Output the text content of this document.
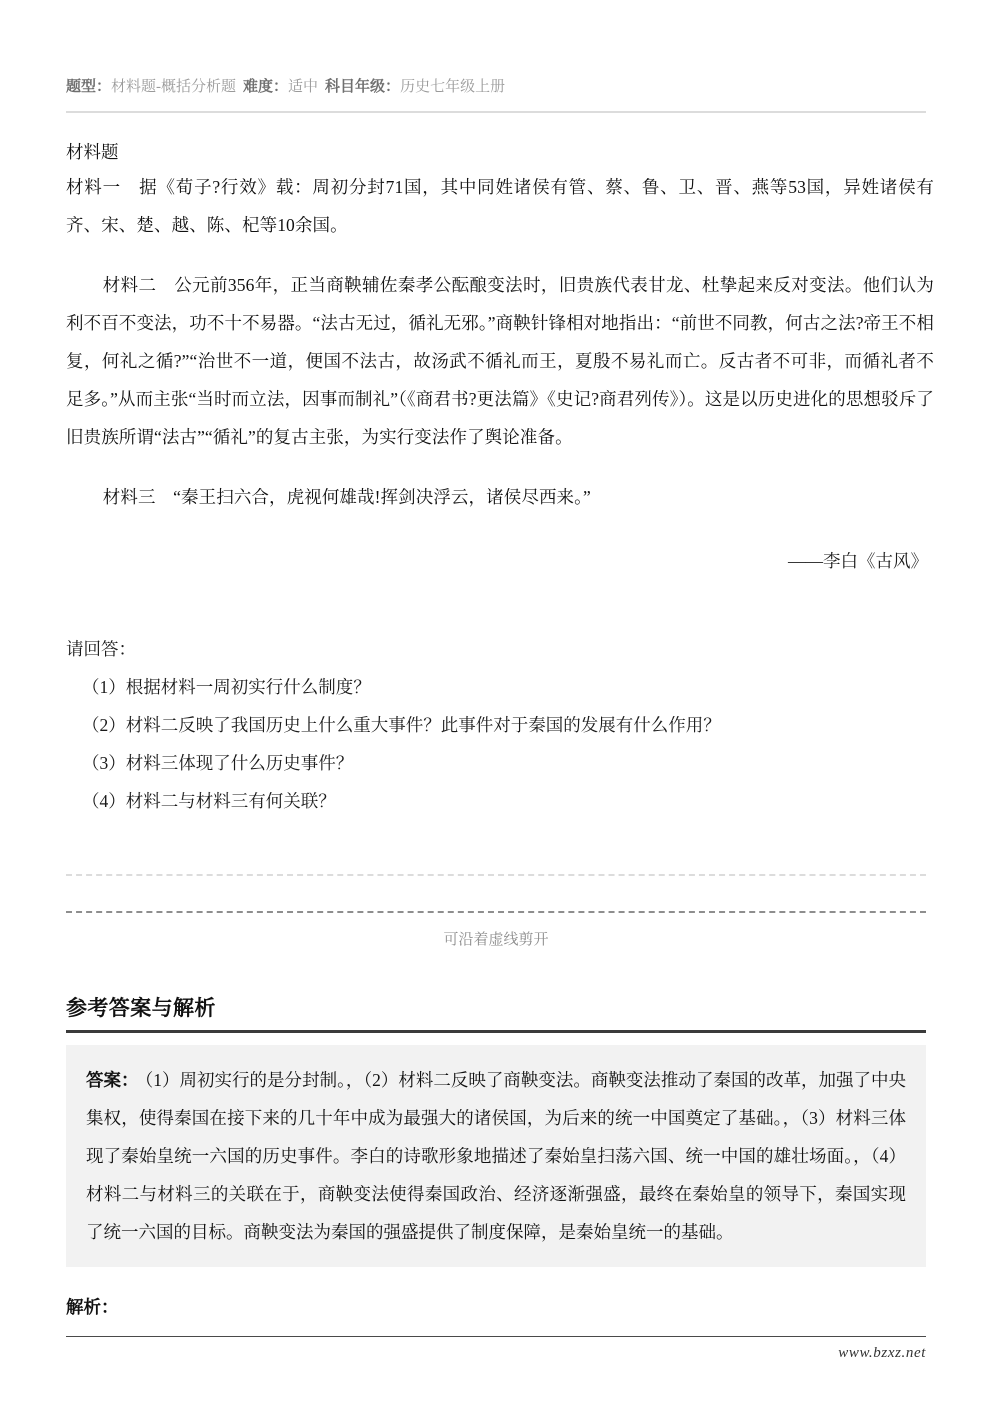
题型：材料题-概括分析题 难度：适中 科目年级：历史七年级上册
材料题

材料一　据《荀子?行效》载：周初分封71国，其中同姓诸侯有管、蔡、鲁、卫、晋、燕等53国，异姓诸侯有齐、宋、楚、越、陈、杞等10余国。

材料二　公元前356年，正当商鞅辅佐秦孝公酝酿变法时，旧贵族代表甘龙、杜挚起来反对变法。他们认为利不百不变法，功不十不易器。“法古无过，循礼无邪。”商鞅针锋相对地指出：“前世不同教，何古之法?帝王不相复，何礼之循?”“治世不一道，便国不法古，故汤武不循礼而王，夏殷不易礼而亡。反古者不可非，而循礼者不足多。”从而主张“当时而立法，因事而制礼”（《商君书?更法篇》《史记?商君列传》）。这是以历史进化的思想驳斥了旧贵族所谓“法古”“循礼”的复古主张，为实行变法作了舆论准备。

材料三　“秦王扫六合，虎视何雄哉!挥剑决浮云，诸侯尽西来。”

——李白《古风》

请回答：

（1）根据材料一周初实行什么制度？
（2）材料二反映了我国历史上什么重大事件？此事件对于秦国的发展有什么作用？
（3）材料三体现了什么历史事件？
（4）材料二与材料三有何关联？
可沿着虚线剪开
参考答案与解析

答案： （1）周初实行的是分封制。，（2）材料二反映了商鞅变法。商鞅变法推动了秦国的改革，加强了中央集权，使得秦国在接下来的几十年中成为最强大的诸侯国，为后来的统一中国奠定了基础。，（3）材料三体现了秦始皇统一六国的历史事件。李白的诗歌形象地描述了秦始皇扫荡六国、统一中国的雄壮场面。，（4）材料二与材料三的关联在于，商鞅变法使得秦国政治、经济逐渐强盛，最终在秦始皇的领导下，秦国实现了统一六国的目标。商鞅变法为秦国的强盛提供了制度保障，是秦始皇统一的基础。

解析：
www.bzxz.net
